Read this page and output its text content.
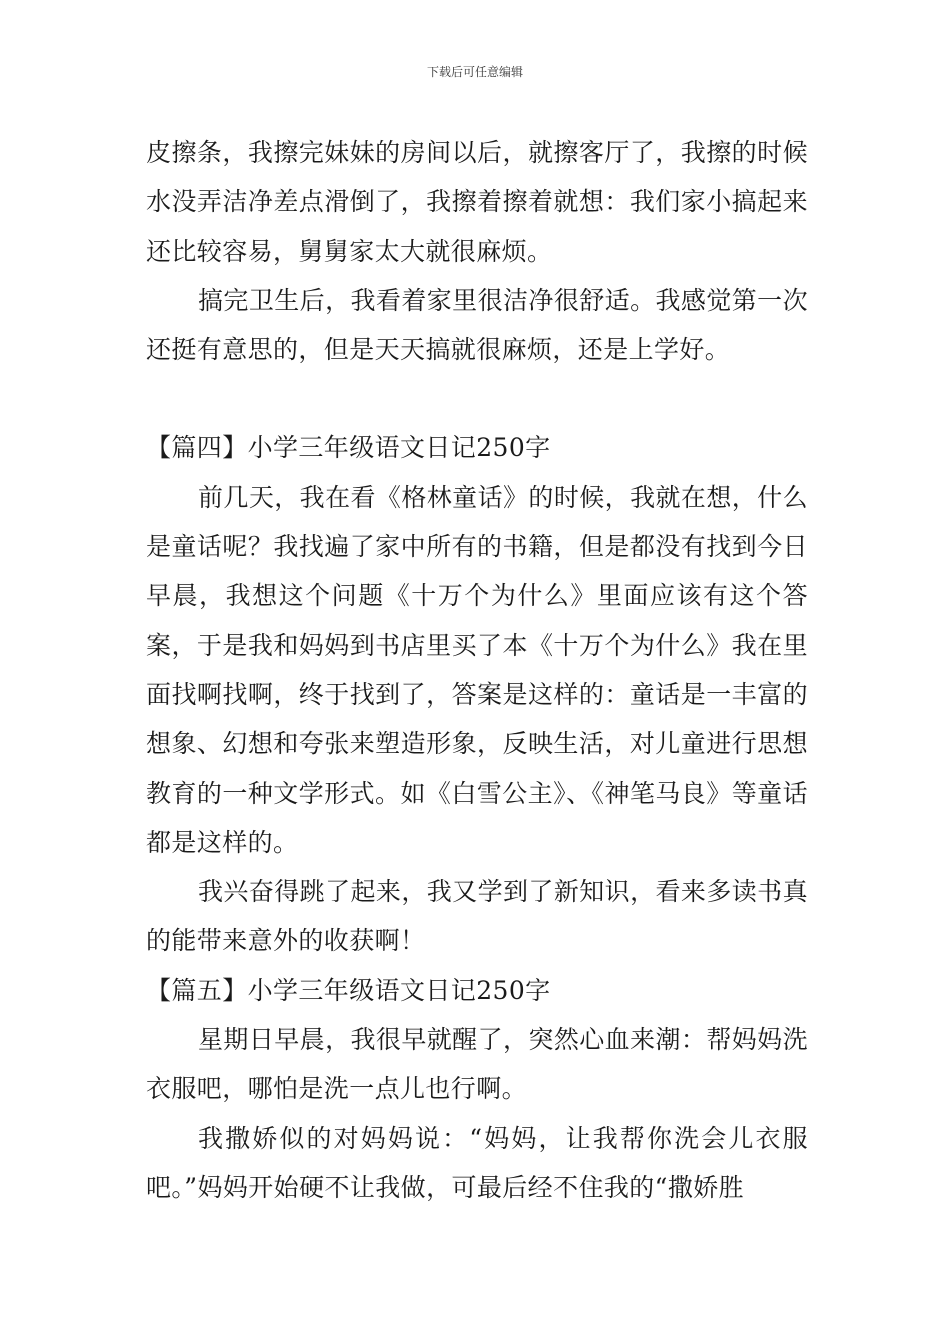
下载后可任意编辑

皮擦条，我擦完妹妹的房间以后，就擦客厅了，我擦的时候水没弄洁净差点滑倒了，我擦着擦着就想：我们家小搞起来还比较容易，舅舅家太大就很麻烦。

搞完卫生后，我看着家里很洁净很舒适。我感觉第一次还挺有意思的，但是天天搞就很麻烦，还是上学好。

【篇四】小学三年级语文日记250字

前几天，我在看《格林童话》的时候，我就在想，什么是童话呢？我找遍了家中所有的书籍，但是都没有找到今日早晨，我想这个问题《十万个为什么》里面应该有这个答案，于是我和妈妈到书店里买了本《十万个为什么》我在里面找啊找啊，终于找到了，答案是这样的：童话是一丰富的想象、幻想和夸张来塑造形象，反映生活，对儿童进行思想教育的一种文学形式。如《白雪公主》、《神笔马良》等童话都是这样的。

我兴奋得跳了起来，我又学到了新知识，看来多读书真的能带来意外的收获啊！

【篇五】小学三年级语文日记250字

星期日早晨，我很早就醒了，突然心血来潮：帮妈妈洗衣服吧，哪怕是洗一点儿也行啊。

我撒娇似的对妈妈说：“妈妈，让我帮你洗会儿衣服吧。”妈妈开始硬不让我做，可最后经不住我的“撒娇胜
